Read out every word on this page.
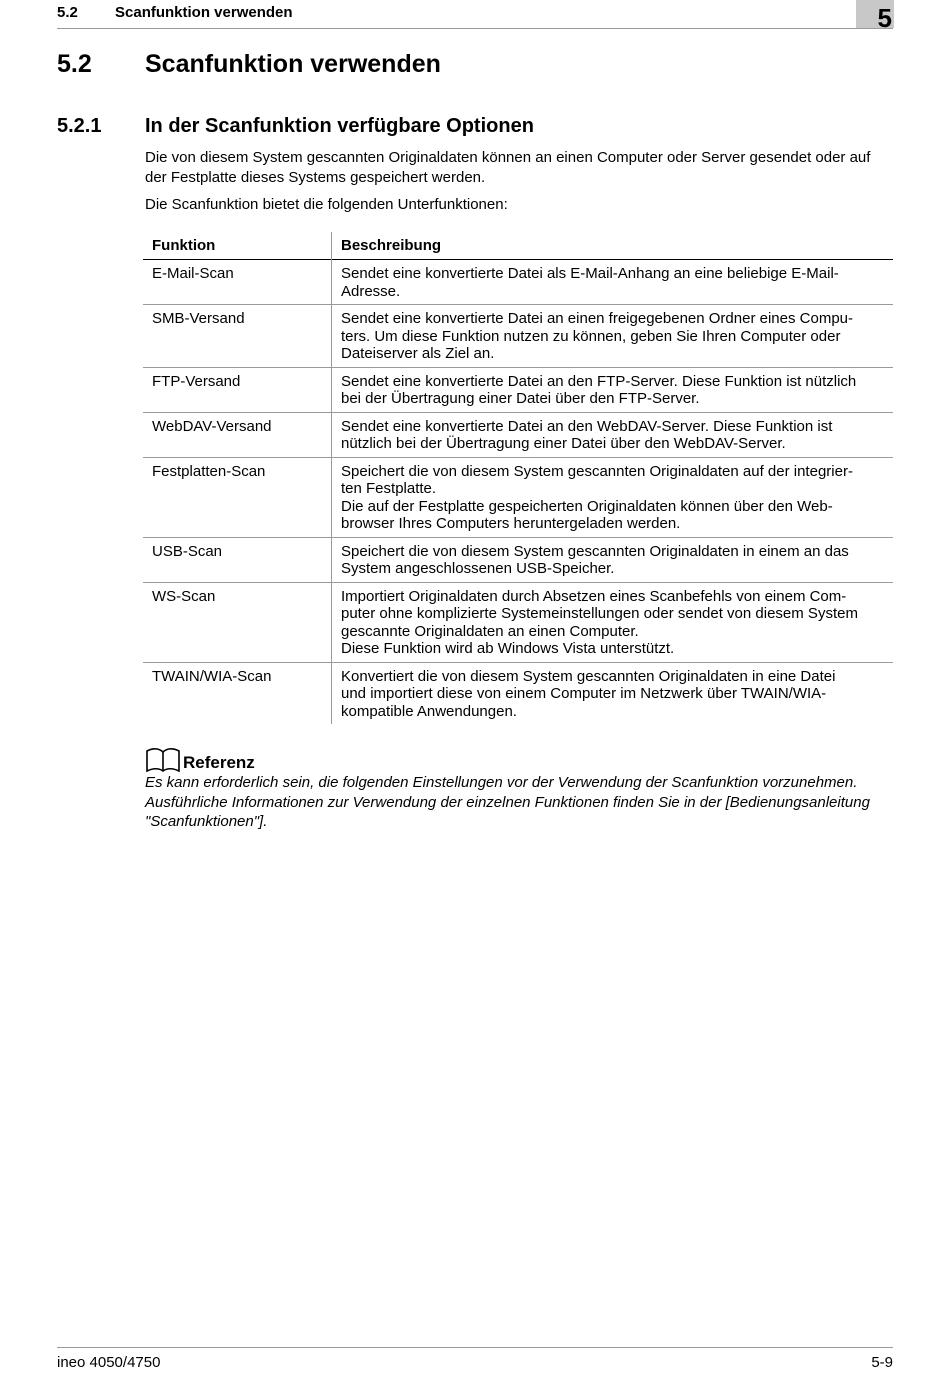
5.2 Scanfunktion verwenden	5
5.2 Scanfunktion verwenden
5.2.1 In der Scanfunktion verfügbare Optionen

Die von diesem System gescannten Originaldaten können an einen Computer oder Server gesendet oder auf
der Festplatte dieses Systems gespeichert werden.

Die Scanfunktion bietet die folgenden Unterfunktionen:

Funktion	Beschreibung
E-Mail-Scan	Sendet eine konvertierte Datei als E-Mail-Anhang an eine beliebige E-Mail-
Adresse.

SMB-Versand	Sendet eine konvertierte Datei an einen freigegebenen Ordner eines Compu-
ters. Um diese Funktion nutzen zu können, geben Sie Ihren Computer oder
Dateiserver als Ziel an.

FTP-Versand	Sendet eine konvertierte Datei an den FTP-Server. Diese Funktion ist nützlich
bei der Übertragung einer Datei über den FTP-Server.

WebDAV-Versand	Sendet eine konvertierte Datei an den WebDAV-Server. Diese Funktion ist
nützlich bei der Übertragung einer Datei über den WebDAV-Server.

Festplatten-Scan	Speichert die von diesem System gescannten Originaldaten auf der integrier-
ten Festplatte.
Die auf der Festplatte gespeicherten Originaldaten können über den Web-
browser Ihres Computers heruntergeladen werden.

USB-Scan	Speichert die von diesem System gescannten Originaldaten in einem an das
System angeschlossenen USB-Speicher.

WS-Scan	Importiert Originaldaten durch Absetzen eines Scanbefehls von einem Com-
puter ohne komplizierte Systemeinstellungen oder sendet von diesem System
gescannte Originaldaten an einen Computer.
Diese Funktion wird ab Windows Vista unterstützt.

TWAIN/WIA-Scan	Konvertiert die von diesem System gescannten Originaldaten in eine Datei
und importiert diese von einem Computer im Netzwerk über TWAIN/WIA-
kompatible Anwendungen.
Referenz

Es kann erforderlich sein, die folgenden Einstellungen vor der Verwendung der Scanfunktion vorzunehmen.
Ausführliche Informationen zur Verwendung der einzelnen Funktionen finden Sie in der [Bedienungsanleitung
"Scanfunktionen"].

ineo 4050/4750	5-9
